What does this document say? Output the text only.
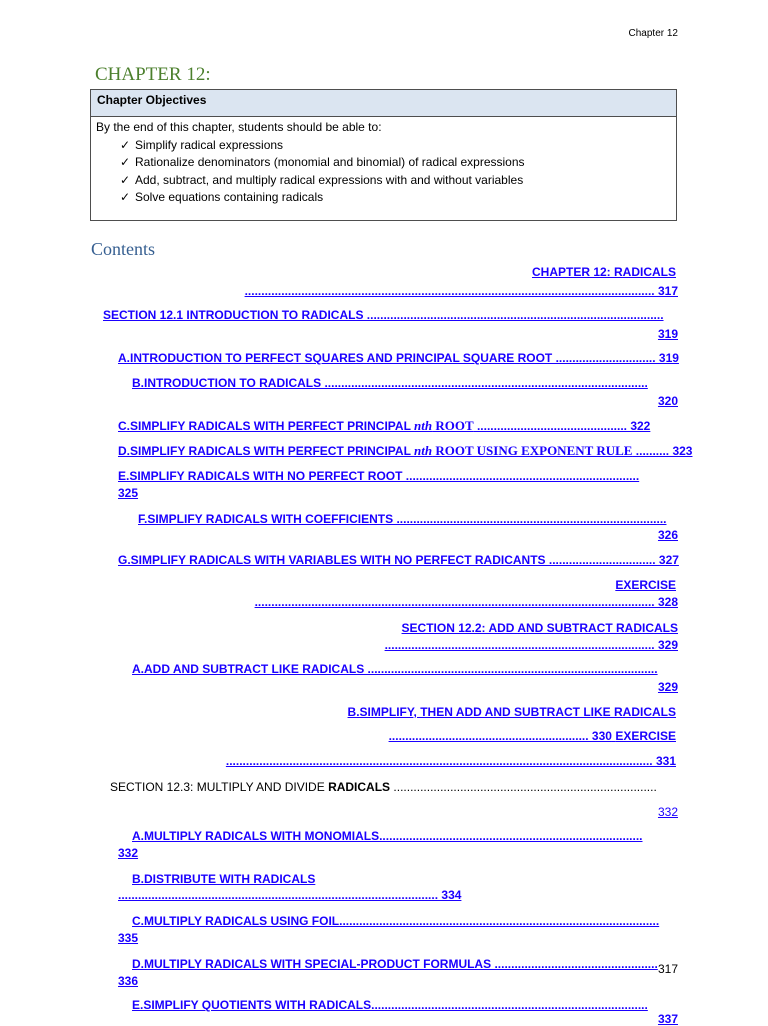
Chapter 12
CHAPTER 12:
Chapter Objectives
By the end of this chapter, students should be able to:
✓ Simplify radical expressions
✓ Rationalize denominators (monomial and binomial) of radical expressions
✓ Add, subtract, and multiply radical expressions with and without variables
✓ Solve equations containing radicals
Contents
CHAPTER 12: RADICALS
........................................................................................................................... 317
SECTION 12.1 INTRODUCTION TO RADICALS .........................................................................................
319
A.INTRODUCTION TO PERFECT SQUARES AND PRINCIPAL SQUARE ROOT .............................. 319
B.INTRODUCTION TO RADICALS .................................................................................................
320
C.SIMPLIFY RADICALS WITH PERFECT PRINCIPAL nth ROOT ............................................. 322
D.SIMPLIFY RADICALS WITH PERFECT PRINCIPAL nth ROOT USING EXPONENT RULE .......... 323
E.SIMPLIFY RADICALS WITH NO PERFECT ROOT ......................................................................
325
F.SIMPLIFY RADICALS WITH COEFFICIENTS .................................................................................
326
G.SIMPLIFY RADICALS WITH VARIABLES WITH NO PERFECT RADICANTS ................................ 327
EXERCISE
........................................................................................................................ 328
SECTION 12.2: ADD AND SUBTRACT RADICALS
................................................................................. 329
A.ADD AND SUBTRACT LIKE RADICALS .......................................................................................
329
B.SIMPLIFY, THEN ADD AND SUBTRACT LIKE RADICALS
............................................................ 330 EXERCISE
................................................................................................................................ 331
SECTION 12.3: MULTIPLY AND DIVIDE RADICALS ...............................................................................
332
A.MULTIPLY RADICALS WITH MONOMIALS...............................................................................
332
B.DISTRIBUTE WITH RADICALS
................................................................................................ 334
C.MULTIPLY RADICALS USING FOIL................................................................................................
335
D.MULTIPLY RADICALS WITH SPECIAL-PRODUCT FORMULAS .................................................
336
E.SIMPLIFY QUOTIENTS WITH RADICALS...................................................................................
337
317
